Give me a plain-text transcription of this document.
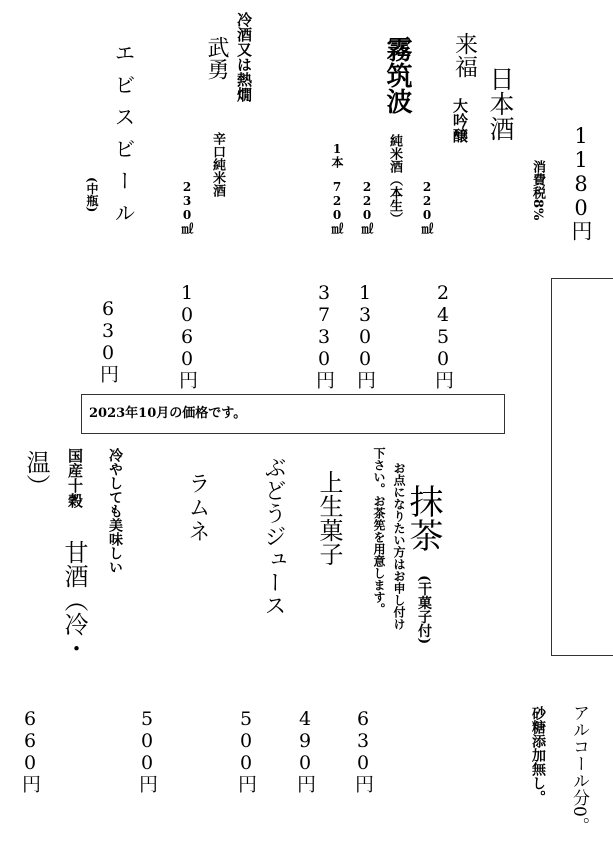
日本酒
1180円
消費税8%
来福
大吟醸
220㎖
2450円
霧筑波
純米酒（本生）
220㎖
1300円
1本　720㎖
3730円
冷酒又は熱燗
武勇
辛口純米酒
230㎖
1060円
エビスビール
(中瓶)
630円
2023年10月の価格です。
抹茶
(干菓子付)
お点になりたい方はお申し付け
下さい。お茶筅を用意します。
630円
上生菓子
490円
ぶどうジュース
500円
ラムネ
500円
冷やしても美味しい
国産十穀
甘酒（冷・
温）
660円	アルコール分0。
砂糖添加無し。
